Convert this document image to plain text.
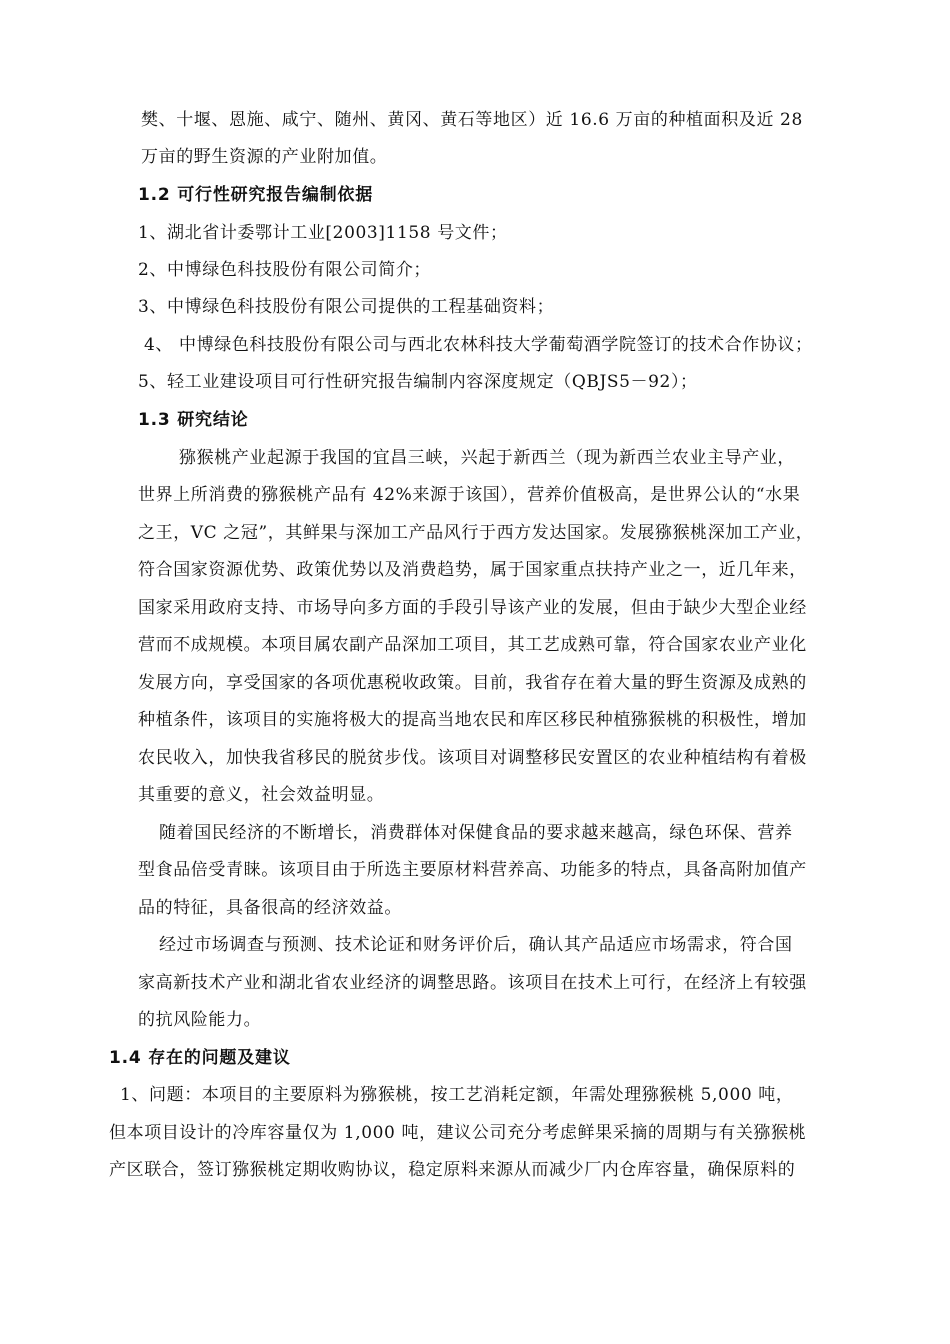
樊、十堰、恩施、咸宁、随州、黄冈、黄石等地区）近 16.6 万亩的种植面积及近 28
万亩的野生资源的产业附加值。
1.2 可行性研究报告编制依据
1、湖北省计委鄂计工业[2003]1158 号文件；
2、中博绿色科技股份有限公司简介；
3、中博绿色科技股份有限公司提供的工程基础资料；
4、 中博绿色科技股份有限公司与西北农林科技大学葡萄酒学院签订的技术合作协议；
5、轻工业建设项目可行性研究报告编制内容深度规定（QBJS5－92）；
1.3 研究结论
猕猴桃产业起源于我国的宜昌三峡，兴起于新西兰（现为新西兰农业主导产业，
世界上所消费的猕猴桃产品有 42%来源于该国），营养价值极高，是世界公认的“水果
之王，VC 之冠”，其鲜果与深加工产品风行于西方发达国家。发展猕猴桃深加工产业，
符合国家资源优势、政策优势以及消费趋势，属于国家重点扶持产业之一，近几年来，
国家采用政府支持、市场导向多方面的手段引导该产业的发展，但由于缺少大型企业经
营而不成规模。本项目属农副产品深加工项目，其工艺成熟可靠，符合国家农业产业化
发展方向，享受国家的各项优惠税收政策。目前，我省存在着大量的野生资源及成熟的
种植条件，该项目的实施将极大的提高当地农民和库区移民种植猕猴桃的积极性，增加
农民收入，加快我省移民的脱贫步伐。该项目对调整移民安置区的农业种植结构有着极
其重要的意义，社会效益明显。
随着国民经济的不断增长，消费群体对保健食品的要求越来越高，绿色环保、营养
型食品倍受青睐。该项目由于所选主要原材料营养高、功能多的特点，具备高附加值产
品的特征，具备很高的经济效益。
经过市场调查与预测、技术论证和财务评价后，确认其产品适应市场需求，符合国
家高新技术产业和湖北省农业经济的调整思路。该项目在技术上可行，在经济上有较强
的抗风险能力。
1.4 存在的问题及建议
1、问题：本项目的主要原料为猕猴桃，按工艺消耗定额，年需处理猕猴桃 5,000 吨，
但本项目设计的冷库容量仅为 1,000 吨，建议公司充分考虑鲜果采摘的周期与有关猕猴桃
产区联合，签订猕猴桃定期收购协议，稳定原料来源从而减少厂内仓库容量，确保原料的
